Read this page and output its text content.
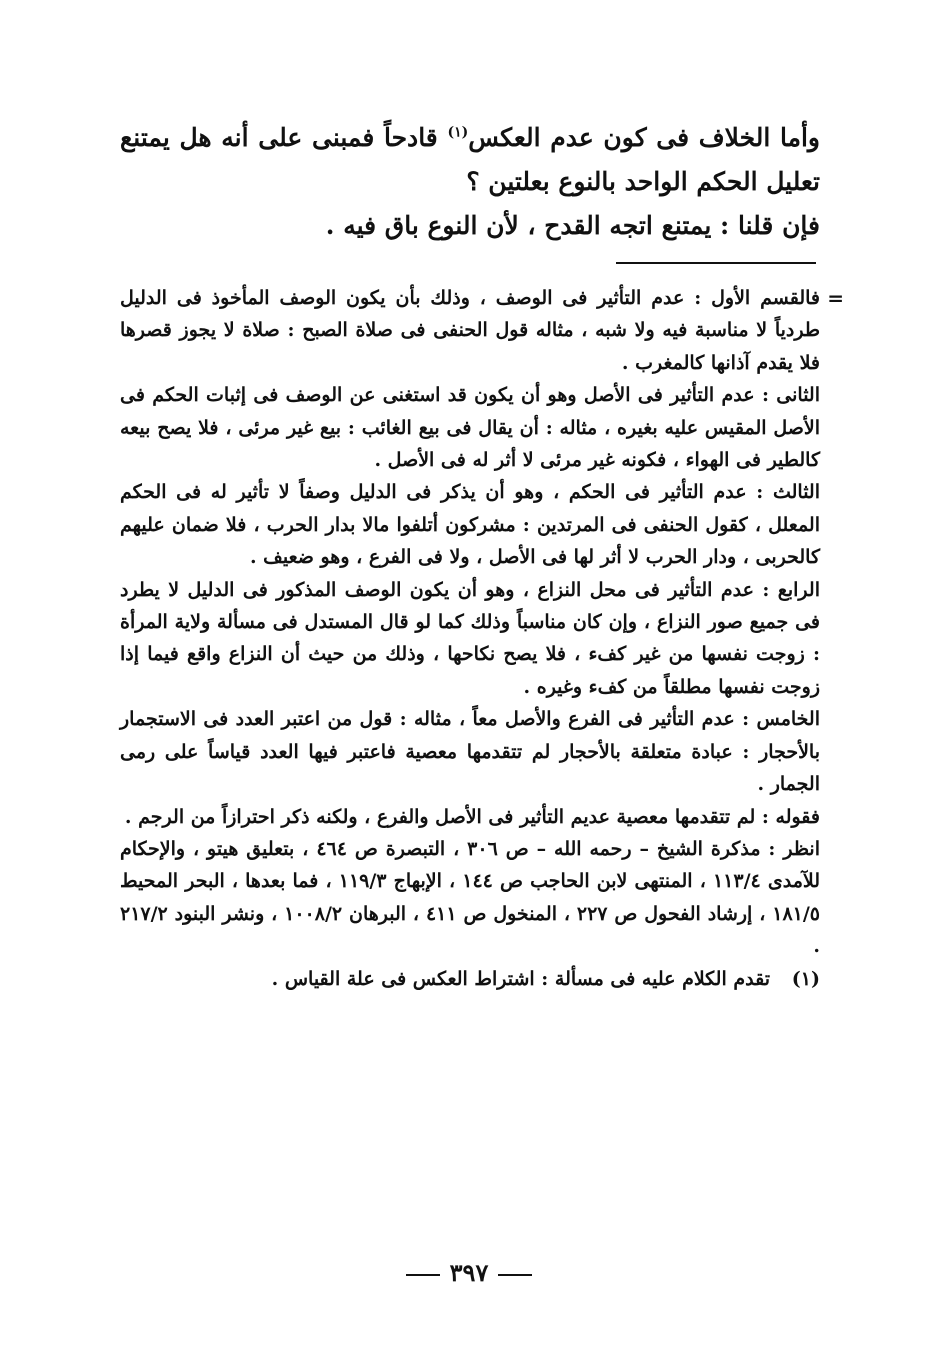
وأما الخلاف فى كون عدم العكس$^{(١)}$ قادحاً فمبنى على أنه هل يمتنع تعليل الحكم الواحد بالنوع بعلتين ؟

فإن قلنا : يمتنع اتجه القدح ، لأن النوع باق فيه .

=

فالقسم الأول : عدم التأثير فى الوصف ، وذلك بأن يكون الوصف المأخوذ فى الدليل طردياً لا مناسبة فيه ولا شبه ، مثاله قول الحنفى فى صلاة الصبح : صلاة لا يجوز قصرها فلا يقدم آذانها كالمغرب .

الثانى : عدم التأثير فى الأصل وهو أن يكون قد استغنى عن الوصف فى إثبات الحكم فى الأصل المقيس عليه بغيره ، مثاله : أن يقال فى بيع الغائب : بيع غير مرئى ، فلا يصح بيعه كالطير فى الهواء ، فكونه غير مرئى لا أثر له فى الأصل .

الثالث : عدم التأثير فى الحكم ، وهو أن يذكر فى الدليل وصفاً لا تأثير له فى الحكم المعلل ، كقول الحنفى فى المرتدين : مشركون أتلفوا مالا بدار الحرب ، فلا ضمان عليهم كالحربى ، ودار الحرب لا أثر لها فى الأصل ، ولا فى الفرع ، وهو ضعيف .

الرابع : عدم التأثير فى محل النزاع ، وهو أن يكون الوصف المذكور فى الدليل لا يطرد فى جميع صور النزاع ، وإن كان مناسباً وذلك كما لو قال المستدل فى مسألة ولاية المرأة : زوجت نفسها من غير كفء ، فلا يصح نكاحها ، وذلك من حيث أن النزاع واقع فيما إذا زوجت نفسها مطلقاً من كفء وغيره .

الخامس : عدم التأثير فى الفرع والأصل معاً ، مثاله : قول من اعتبر العدد فى الاستجمار بالأحجار : عبادة متعلقة بالأحجار لم تتقدمها معصية فاعتبر فيها العدد قياساً على رمى الجمار .

فقوله : لم تتقدمها معصية عديم التأثير فى الأصل والفرع ، ولكنه ذكر احترازاً من الرجم .

انظر : مذكرة الشيخ – رحمه الله – ص ٣٠٦ ، التبصرة ص ٤٦٤ ، بتعليق هيتو ، والإحكام للآمدى ١١٣/٤ ، المنتهى لابن الحاجب ص ١٤٤ ، الإبهاج ١١٩/٣ ، فما بعدها ، البحر المحيط ١٨١/٥ ، إرشاد الفحول ص ٢٢٧ ، المنخول ص ٤١١ ، البرهان ١٠٠٨/٢ ، ونشر البنود ٢١٧/٢ .

(١)
تقدم الكلام عليه فى مسألة : اشتراط العكس فى علة القياس .
٣٩٧
